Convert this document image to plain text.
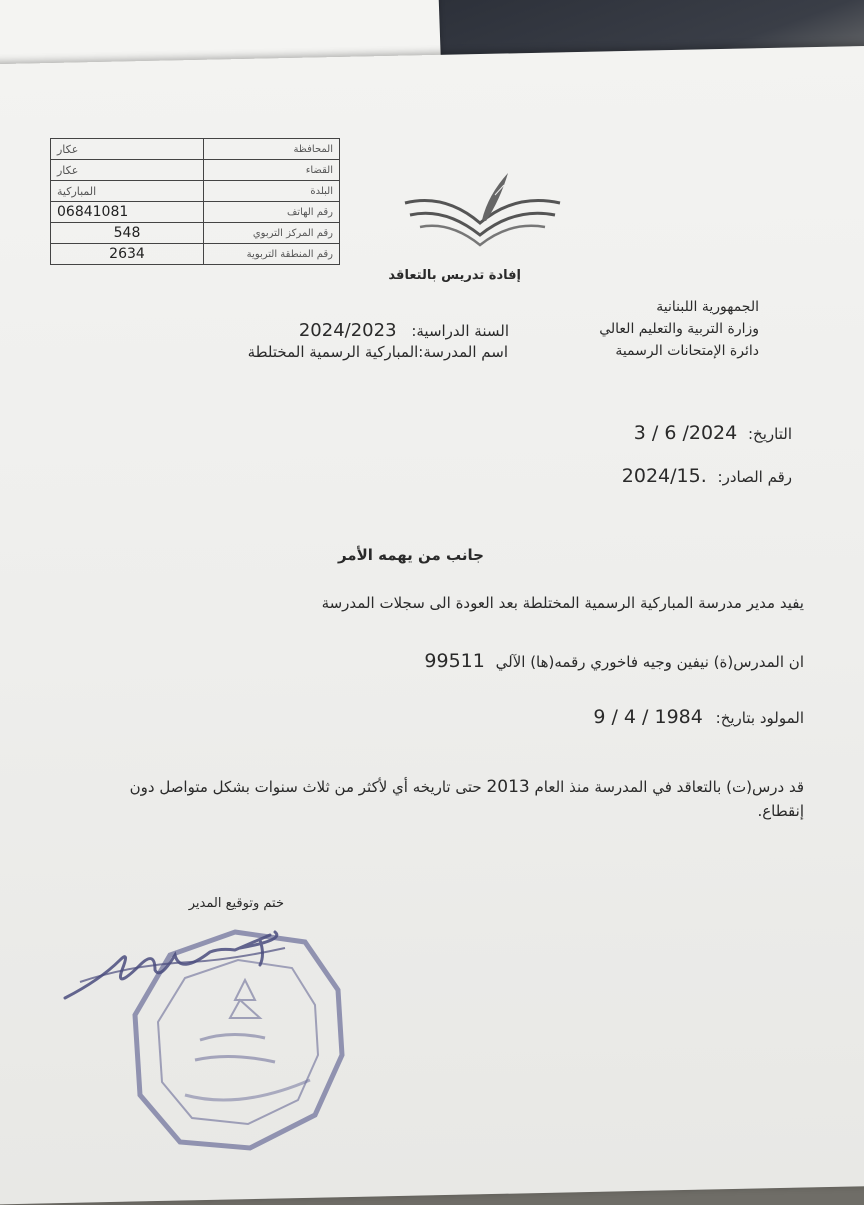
عكار	المحافظة
عكار	القضاء
المباركية	البلدة
06841081	رقم الهاتف
548	رقم المركز التربوي
2634	رقم المنطقة التربوية
إفادة تدريس بالتعاقد
الجمهورية اللبنانية
وزارة التربية والتعليم العالي
دائرة الإمتحانات الرسمية
السنة الدراسية: 2024/2023
اسم المدرسة:المباركية الرسمية المختلطة
التاريخ: 3 / 6 /2024
رقم الصادر: 2024/15.
جانب من يهمه الأمر
يفيد مدير مدرسة المباركية الرسمية المختلطة بعد العودة الى سجلات المدرسة
ان المدرس(ة) نيفين وجيه فاخوري رقمه(ها) الآلي 99511
المولود بتاريخ: 9 / 4 / 1984
قد درس(ت) بالتعاقد في المدرسة منذ العام 2013 حتى تاريخه أي لأكثر من ثلاث سنوات بشكل متواصل دون إنقطاع.
ختم وتوقيع المدير
